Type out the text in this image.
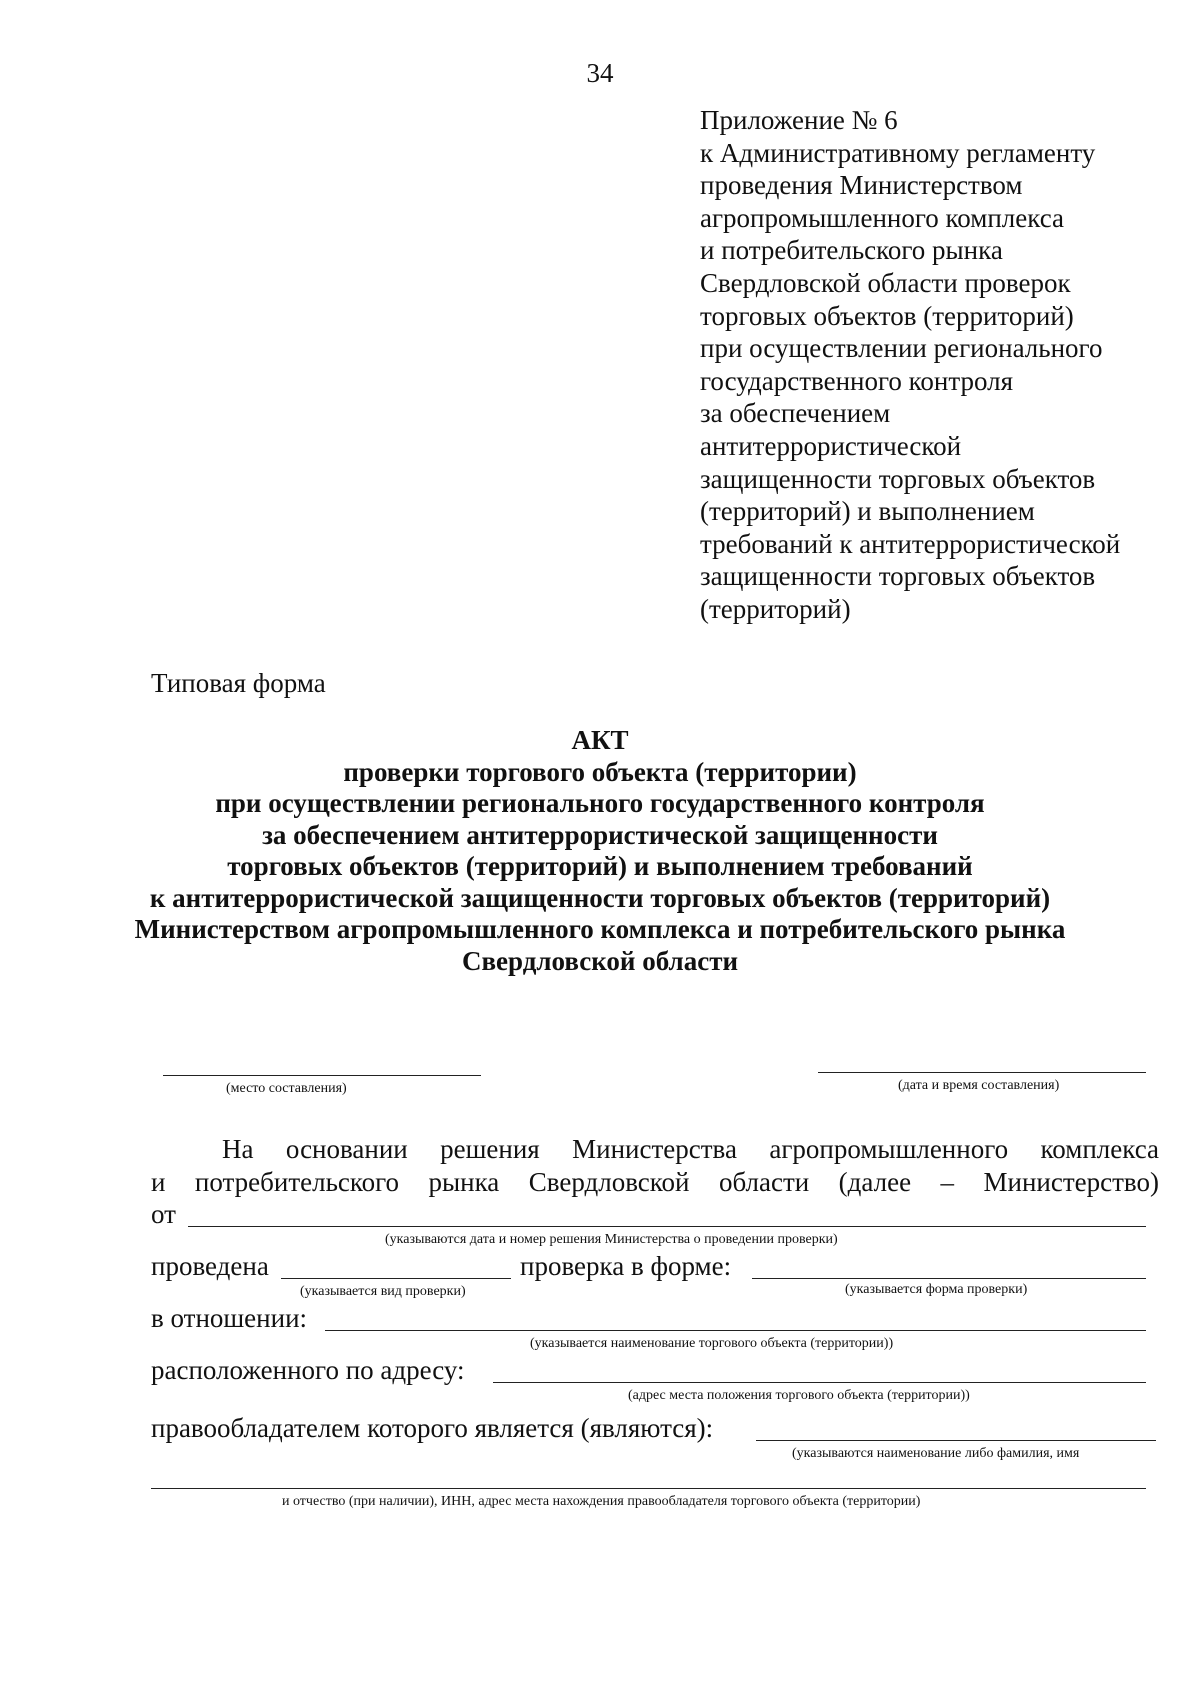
34
Приложение № 6
к Административному регламенту
проведения Министерством
агропромышленного комплекса
и потребительского рынка
Свердловской области проверок
торговых объектов (территорий)
при осуществлении регионального
государственного контроля
за обеспечением
антитеррористической
защищенности торговых объектов
(территорий) и выполнением
требований к антитеррористической
защищенности торговых объектов
(территорий)
Типовая форма
АКТ
проверки торгового объекта (территории)
при осуществлении регионального государственного контроля
за обеспечением антитеррористической защищенности
торговых объектов (территорий) и выполнением требований
к антитеррористической защищенности торговых объектов (территорий)
Министерством агропромышленного комплекса и потребительского рынка
Свердловской области
(место составления)	(дата и время составления)
На основании решения Министерства агропромышленного комплекса
и потребительского рынка Свердловской области (далее – Министерство)
от
(указываются дата и номер решения Министерства о проведении проверки)
проведена	проверка в форме:
(указывается вид проверки)	(указывается форма проверки)
в отношении:
(указывается наименование торгового объекта (территории))
расположенного по адресу:
(адрес места положения торгового объекта (территории))
правообладателем которого является (являются):
(указываются наименование либо фамилия, имя
и отчество (при наличии), ИНН, адрес места нахождения правообладателя торгового объекта (территории)
